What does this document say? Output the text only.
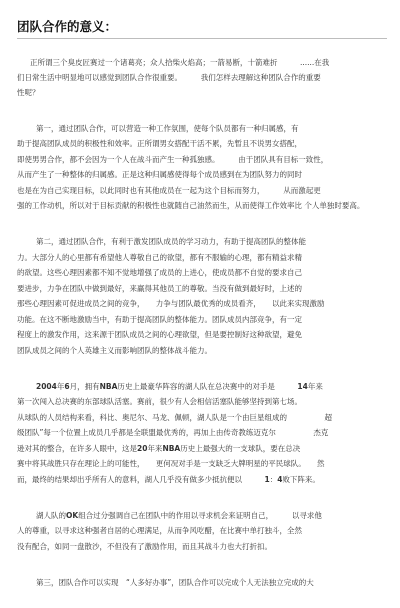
团队合作的意义：
正所谓三个臭皮匠赛过一个诸葛亮；众人拾柴火焰高；一箭易断，十箭难折　　　......在我
们日常生活中明显地可以感觉到团队合作很重要。　　　我们怎样去理解这种团队合作的重要
性呢？
第一，通过团队合作，可以营造一种工作氛围，使每个队员都有一种归属感，有
助于提高团队成员的积极性和效率。正所谓男女搭配干活不累，先暂且不说男女搭配，
即使男男合作，都不会因为一个人在战斗而产生一种孤独感。　　　由于团队具有目标一致性，
从而产生了一种整体的归属感。正是这种归属感使得每个成员感到在为团队努力的同时
也是在为自己实现目标，以此同时也有其他成员在一起为这个目标而努力，　　　从而激起更
强的工作动机，所以对于目标贡献的积极性也就随自己油然而生，从而使得工作效率比 个人单独时要高。
第二，通过团队合作，有利于激发团队成员的学习动力，有助于提高团队的整体能
力。大部分人的心里都有希望他人尊敬自己的欲望，都有不服输的心理，都有精益求精
的欲望。这些心理因素都不知不觉地增强了成员的上进心，使成员都不自觉的要求自己
要进步，力争在团队中做到最好，来赢得其他员工的尊敬。当没有做到最好时，上述的
那些心理因素可促进成员之间的竞争，　　力争与团队最优秀的成员看齐，　　以此来实现激励
功能。在这不断地激励当中，有助于提高团队的整体能力。团队成员内部竞争，有一定
程度上的激发作用，这来源于团队成员之间的心理欲望，但是要控制好这种欲望，避免
团队成员之间的个人英雄主义而影响团队的整体战斗能力。
2004年6月，拥有NBA历史上最豪华阵容的湖人队在总决赛中的对手是　　　14年来
第一次闯入总决赛的东部球队活塞。赛前，很少有人会相信活塞队能够坚持到第七场。
从球队的人员结构来看，科比、奥尼尔、马龙、佩顿，湖人队是一个由巨星组成的　　　　　超
级团队”每一个位置上成员几乎都是全联盟最优秀的，再加上由传奇教练迈克尔　　　　　杰克
逊对其的整合，在许多人眼中，这是20年来NBA历史上最强大的一支球队，要在总决
赛中将其战胜只存在理论上的可能性，　　更何况对手是一支缺乏大牌明星的平民球队。　　然
而，最终的结果却出乎所有人的意料，湖人几乎没有做多少抵抗便以　　　1：4败下阵来。
湖人队的OK组合过分强调自己在团队中的作用以寻求机会来证明自己，　　　以寻求他
人的尊重，以寻求这种强者自居的心理满足，从而争风吃醋，在比赛中单打独斗，全然
没有配合，如同一盘散沙，不但没有了激励作用，而且其战斗力也大打折扣。
第三，团队合作可以实现　“人多好办事”，团队合作可以完成个人无法独立完成的大
